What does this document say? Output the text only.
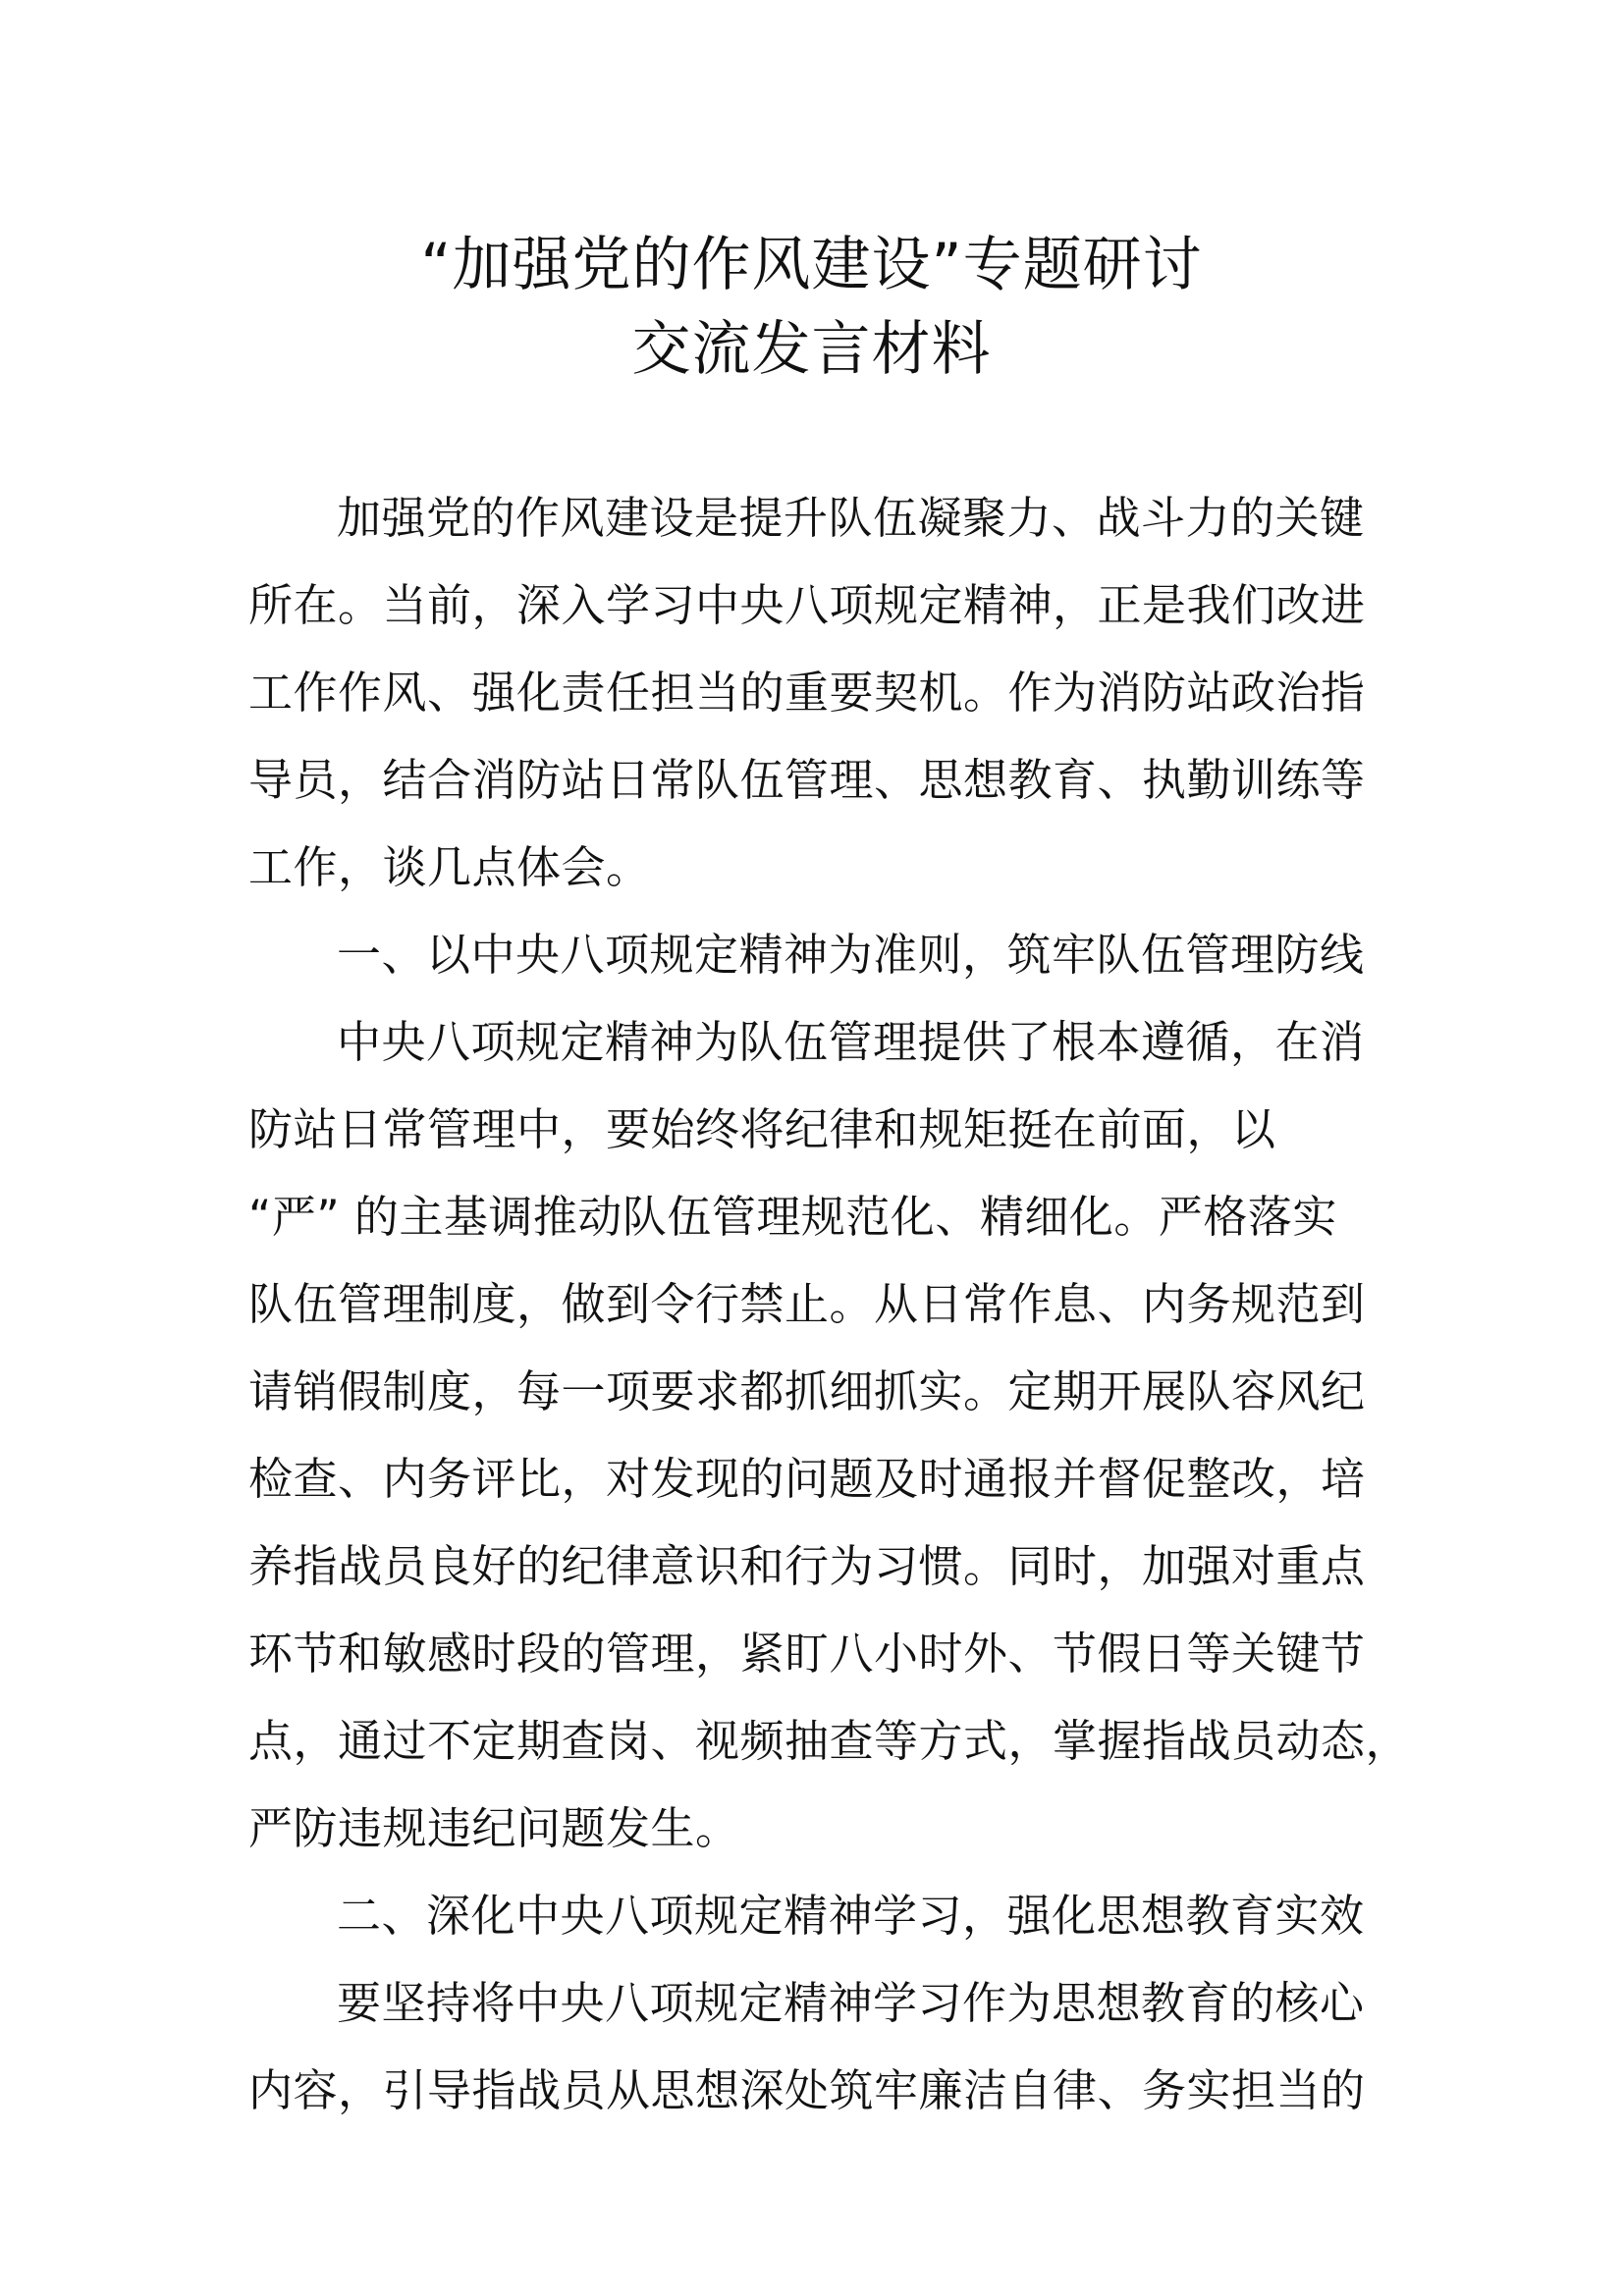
“加强党的作风建设”专题研讨
交流发言材料
加强党的作风建设是提升队伍凝聚力、战斗力的关键
所在。当前，深入学习中央八项规定精神，正是我们改进
工作作风、强化责任担当的重要契机。作为消防站政治指
导员，结合消防站日常队伍管理、思想教育、执勤训练等
工作，谈几点体会。
一、以中央八项规定精神为准则，筑牢队伍管理防线
中央八项规定精神为队伍管理提供了根本遵循，在消
防站日常管理中，要始终将纪律和规矩挺在前面，以
“严” 的主基调推动队伍管理规范化、精细化。严格落实
队伍管理制度，做到令行禁止。从日常作息、内务规范到
请销假制度，每一项要求都抓细抓实。定期开展队容风纪
检查、内务评比，对发现的问题及时通报并督促整改，培
养指战员良好的纪律意识和行为习惯。同时，加强对重点
环节和敏感时段的管理，紧盯八小时外、节假日等关键节
点，通过不定期查岗、视频抽查等方式，掌握指战员动态，
严防违规违纪问题发生。
二、深化中央八项规定精神学习，强化思想教育实效
要坚持将中央八项规定精神学习作为思想教育的核心
内容，引导指战员从思想深处筑牢廉洁自律、务实担当的
